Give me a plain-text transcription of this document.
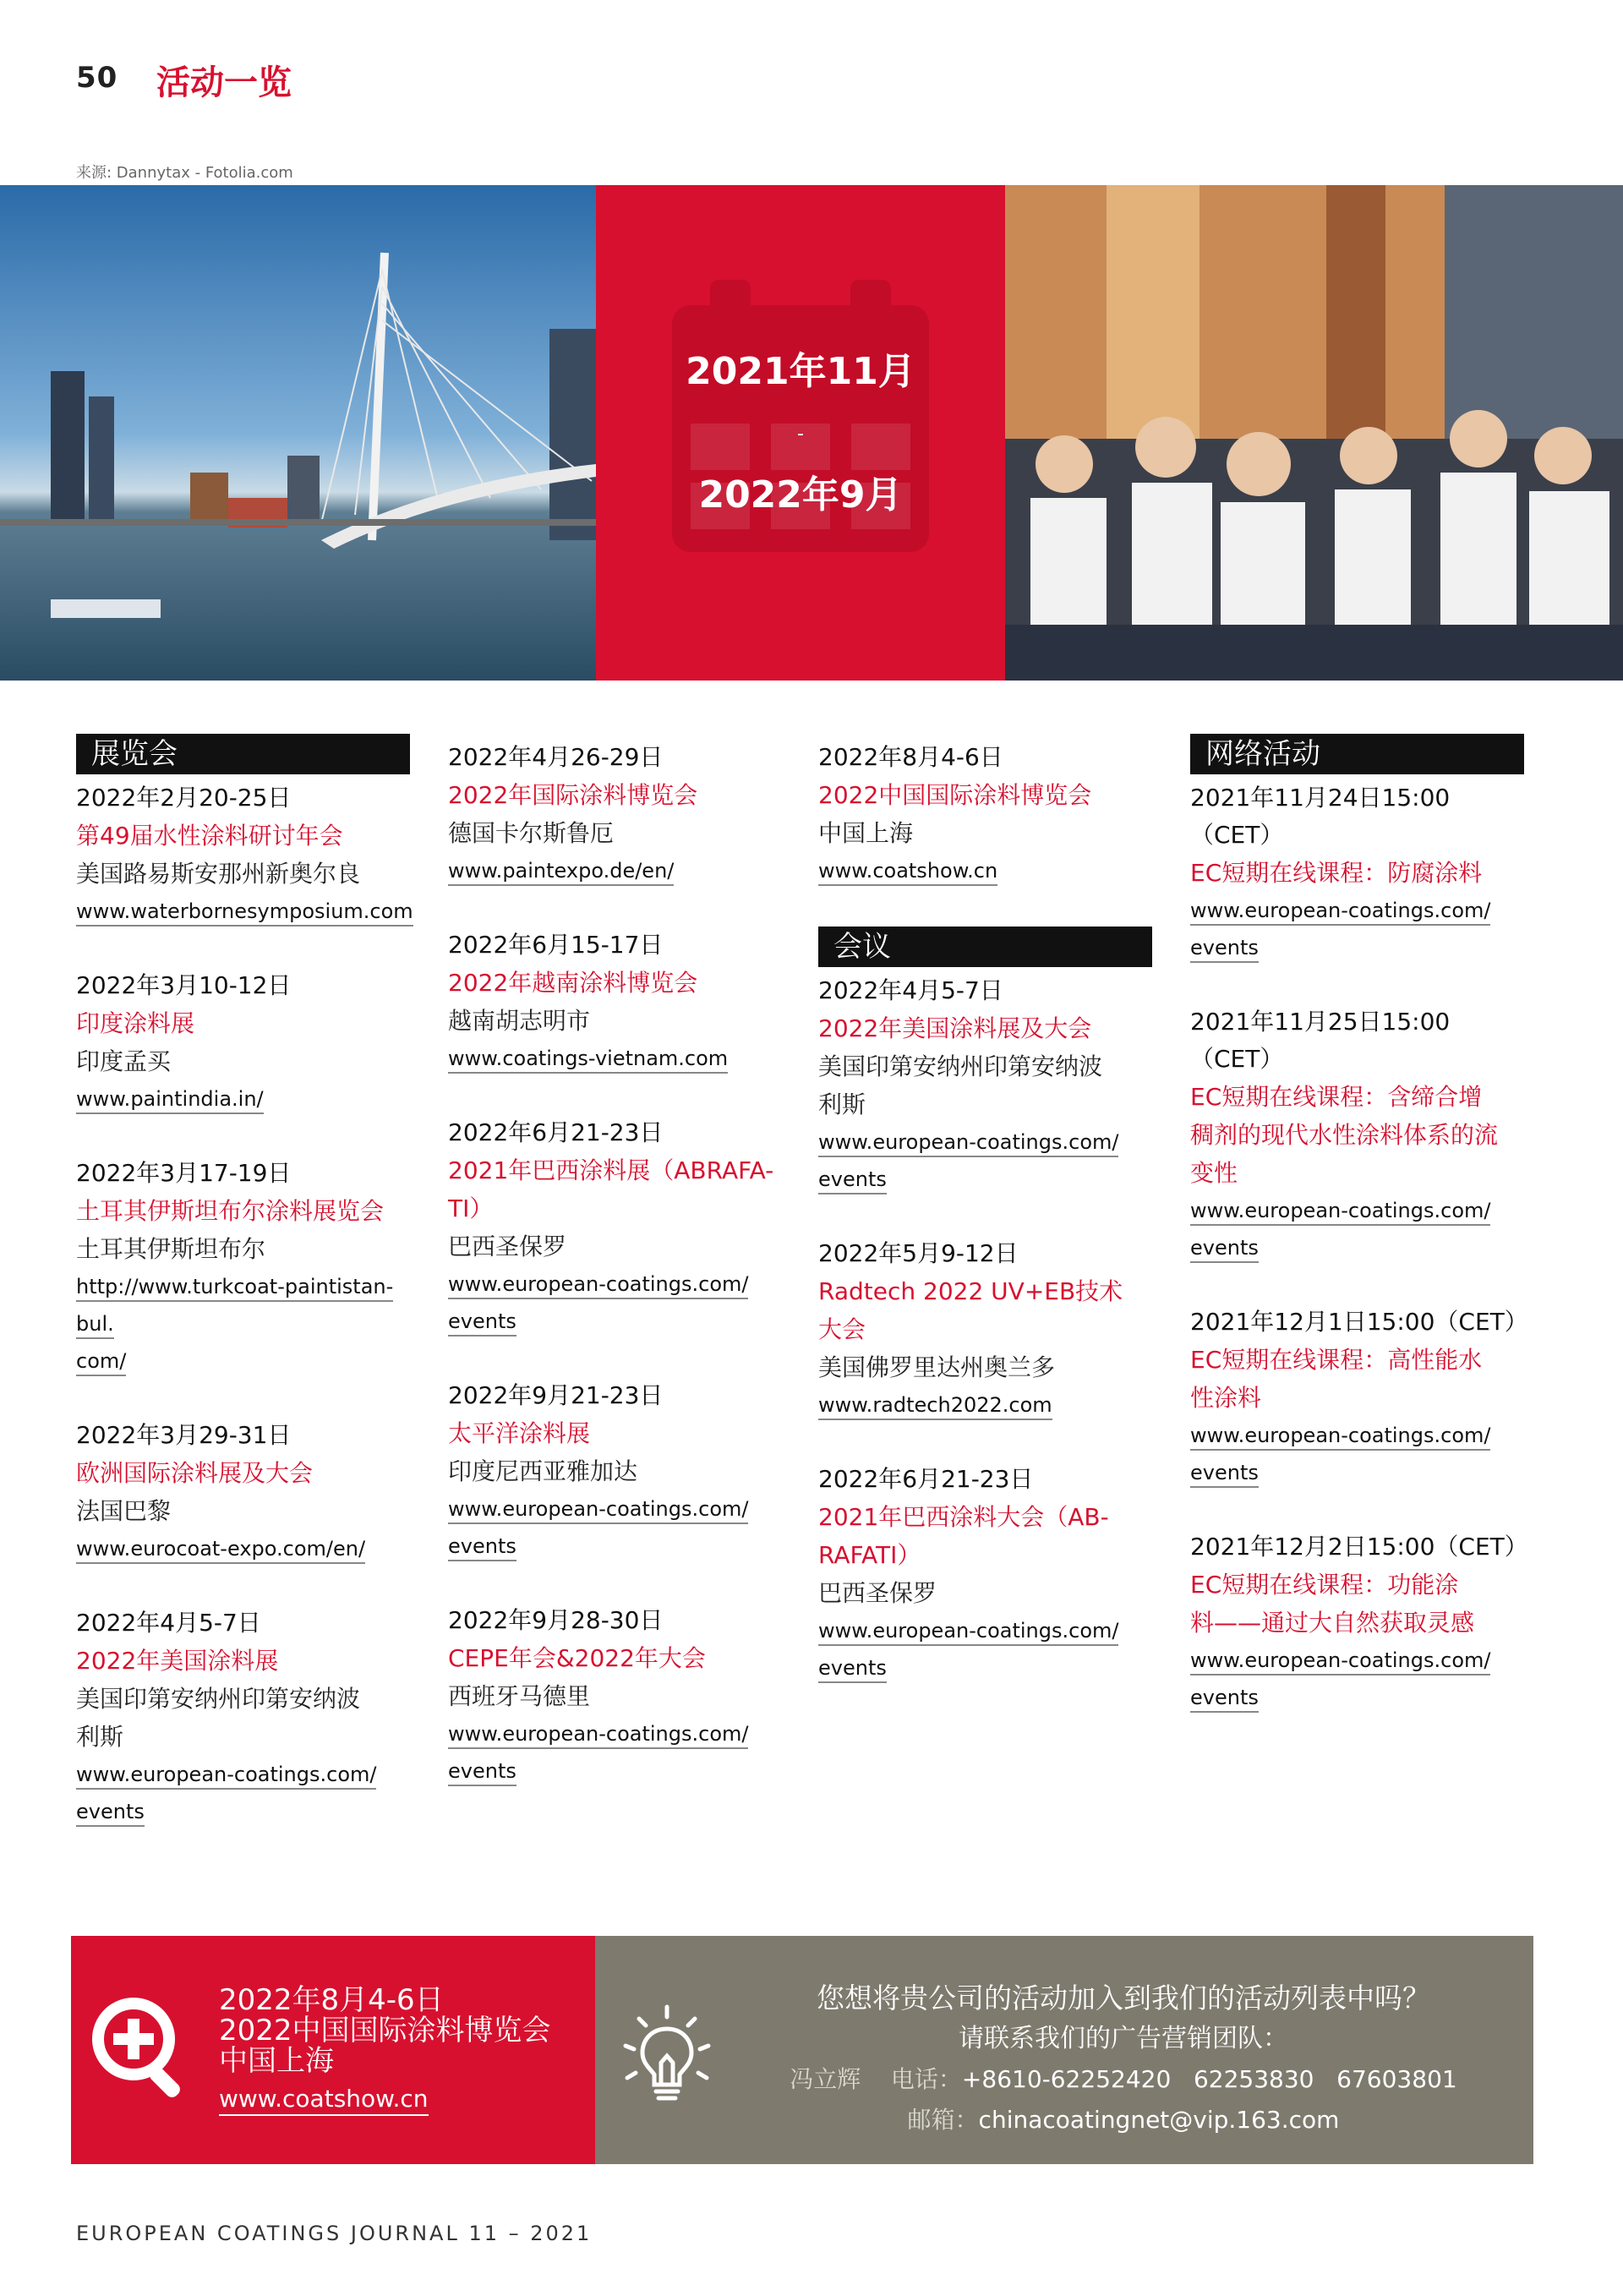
50 活动一览
来源: Dannytax - Fotolia.com
2021年11月
-
2022年9月
展览会
2022年2月20-25日
第49届水性涂料研讨年会
美国路易斯安那州新奥尔良
www.waterbornesymposium.com
2022年3月10-12日
印度涂料展
印度孟买
www.paintindia.in/
2022年3月17-19日
土耳其伊斯坦布尔涂料展览会
土耳其伊斯坦布尔
http://www.turkcoat-paintistan-bul.
com/
2022年3月29-31日
欧洲国际涂料展及大会
法国巴黎
www.eurocoat-expo.com/en/
2022年4月5-7日
2022年美国涂料展
美国印第安纳州印第安纳波
利斯
www.european-coatings.com/
events
2022年4月26-29日
2022年国际涂料博览会
德国卡尔斯鲁厄
www.paintexpo.de/en/
2022年6月15-17日
2022年越南涂料博览会
越南胡志明市
www.coatings-vietnam.com
2022年6月21-23日
2021年巴西涂料展（ABRAFA-
TI）
巴西圣保罗
www.european-coatings.com/
events
2022年9月21-23日
太平洋涂料展
印度尼西亚雅加达
www.european-coatings.com/
events
2022年9月28-30日
CEPE年会&2022年大会
西班牙马德里
www.european-coatings.com/
events
2022年8月4-6日
2022中国国际涂料博览会
中国上海
www.coatshow.cn
会议
2022年4月5-7日
2022年美国涂料展及大会
美国印第安纳州印第安纳波
利斯
www.european-coatings.com/
events
2022年5月9-12日
Radtech 2022 UV+EB技术
大会
美国佛罗里达州奥兰多
www.radtech2022.com
2022年6月21-23日
2021年巴西涂料大会（AB-
RAFATI）
巴西圣保罗
www.european-coatings.com/
events
网络活动
2021年11月24日15:00
（CET）
EC短期在线课程：防腐涂料
www.european-coatings.com/
events
2021年11月25日15:00
（CET）
EC短期在线课程：含缔合增
稠剂的现代水性涂料体系的流
变性
www.european-coatings.com/
events
2021年12月1日15:00（CET）
EC短期在线课程：高性能水
性涂料
www.european-coatings.com/
events
2021年12月2日15:00（CET）
EC短期在线课程：功能涂
料——通过大自然获取灵感
www.european-coatings.com/
events
2022年8月4-6日
2022中国国际涂料博览会
中国上海
www.coatshow.cn
您想将贵公司的活动加入到我们的活动列表中吗？
请联系我们的广告营销团队：
冯立辉 电话：+8610-62252420   62253830   67603801
邮箱：chinacoatingnet@vip.163.com
EUROPEAN COATINGS JOURNAL 11 – 2021
